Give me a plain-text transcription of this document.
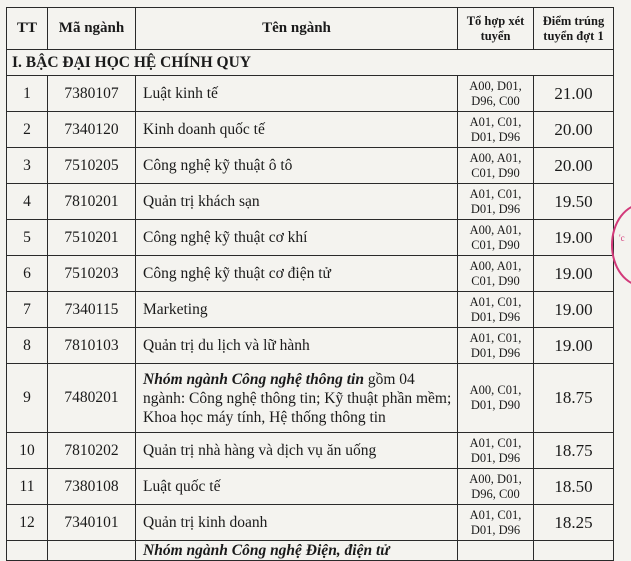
TT	Mã ngành	Tên ngành	Tổ hợp xét
tuyển	Điểm trúng
tuyển đợt 1
I. BẬC ĐẠI HỌC HỆ CHÍNH QUY				
1	7380107	Luật kinh tế	A00, D01,
D96, C00	21.00
2	7340120	Kinh doanh quốc tế	A01, C01,
D01, D96	20.00
3	7510205	Công nghệ kỹ thuật ô tô	A00, A01,
C01, D90	20.00
4	7810201	Quản trị khách sạn	A01, C01,
D01, D96	19.50
5	7510201	Công nghệ kỹ thuật cơ khí	A00, A01,
C01, D90	19.00
6	7510203	Công nghệ kỹ thuật cơ điện tử	A00, A01,
C01, D90	19.00
7	7340115	Marketing	A01, C01,
D01, D96	19.00
8	7810103	Quản trị du lịch và lữ hành	A01, C01,
D01, D96	19.00
9	7480201	Nhóm ngành Công nghệ thông tin gồm 04 ngành: Công nghệ thông tin; Kỹ thuật phần mềm; Khoa học máy tính, Hệ thống thông tin	A00, C01,
D01, D90	18.75
10	7810202	Quản trị nhà hàng và dịch vụ ăn uống	A01, C01,
D01, D96	18.75
11	7380108	Luật quốc tế	A00, D01,
D96, C00	18.50
12	7340101	Quản trị kinh doanh	A01, C01,
D01, D96	18.25
		Nhóm ngành Công nghệ Điện, điện tử		
'c
